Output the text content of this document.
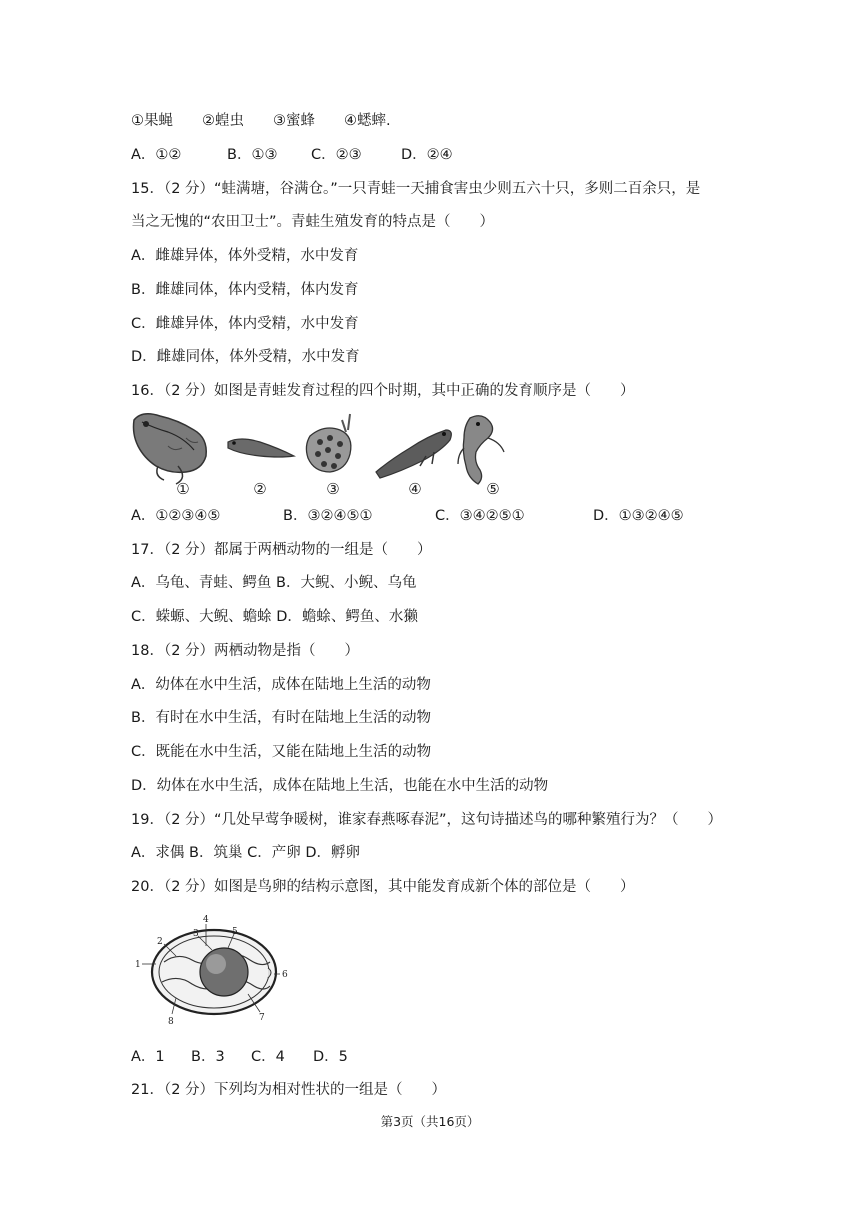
①果蝇　　②蝗虫　　③蜜蜂　　④蟋蟀.
A．①②	B．①③ C．②③	D．②④
15．（2 分）“蛙满塘，谷满仓。”一只青蛙一天捕食害虫少则五六十只，多则二百余只，是
当之无愧的“农田卫士”。青蛙生殖发育的特点是（　　）
A．雌雄异体，体外受精，水中发育
B．雌雄同体，体内受精，体内发育
C．雌雄异体，体内受精，水中发育
D．雌雄同体，体外受精，水中发育
16．（2 分）如图是青蛙发育过程的四个时期，其中正确的发育顺序是（　　）
①	②	③	④	⑤
A．①②③④⑤	B．③②④⑤①	C．③④②⑤①	D．①③②④⑤
17．（2 分）都属于两栖动物的一组是（　　）
A．乌龟、青蛙、鳄鱼 B．大鲵、小鲵、乌龟
C．蝾螈、大鲵、蟾蜍 D．蟾蜍、鳄鱼、水獭
18．（2 分）两栖动物是指（　　）
A．幼体在水中生活，成体在陆地上生活的动物
B．有时在水中生活，有时在陆地上生活的动物
C．既能在水中生活，又能在陆地上生活的动物
D．幼体在水中生活，成体在陆地上生活，也能在水中生活的动物
19．（2 分）“几处早莺争暖树，谁家春燕啄春泥”，这句诗描述鸟的哪种繁殖行为？（　　）
A．求偶 B．筑巢 C．产卵 D．孵卵
20．（2 分）如图是鸟卵的结构示意图，其中能发育成新个体的部位是（　　）
1
2
3
4
5
6
7
8
A．1 B．3 C．4 D．5
21．（2 分）下列均为相对性状的一组是（　　）
第3页（共16页）
